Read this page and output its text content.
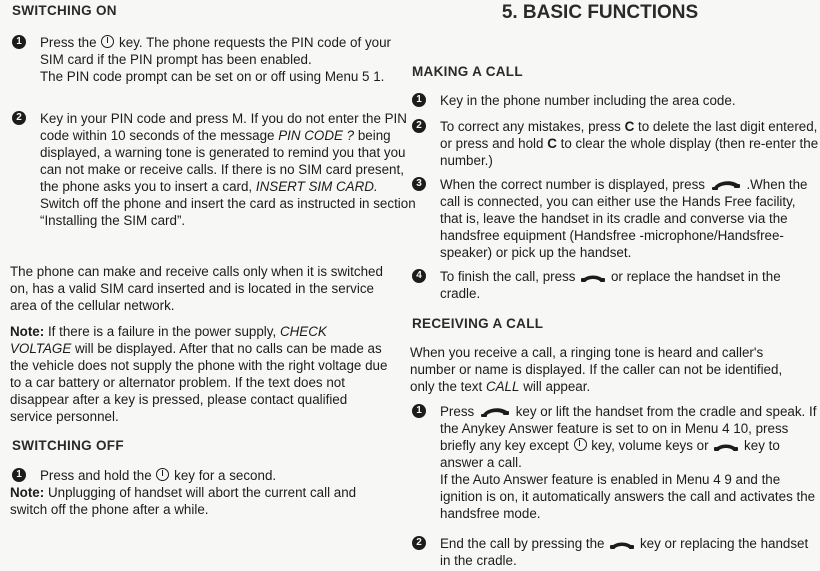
SWITCHING ON
1	Press the key. The phone requests the PIN code of your SIM card if the PIN prompt has been enabled.
The PIN code prompt can be set on or off using Menu 5 1.
2	Key in your PIN code and press M. If you do not enter the PIN code within 10 seconds of the message PIN CODE ? being displayed, a warning tone is generated to remind you that you can not make or receive calls. If there is no SIM card present, the phone asks you to insert a card, INSERT SIM CARD.
Switch off the phone and insert the card as instructed in section “Installing the SIM card”.
The phone can make and receive calls only when it is switched on, has a valid SIM card inserted and is located in the service area of the cellular network.
Note: If there is a failure in the power supply, CHECK VOLTAGE will be displayed. After that no calls can be made as the vehicle does not supply the phone with the right voltage due to a car battery or alternator problem. If the text does not disappear after a key is pressed, please contact qualified service personnel.
SWITCHING OFF
1	Press and hold the key for a second.
Note: Unplugging of handset will abort the current call and switch off the phone after a while.
5. BASIC FUNCTIONS
MAKING A CALL
1	Key in the phone number including the area code.
2	To correct any mistakes, press C to delete the last digit entered, or press and hold C to clear the whole display (then re-enter the number.)
3	When the correct number is displayed, press	.When the call is connected, you can either use the Hands Free facility, that is, leave the handset in its cradle and converse via the handsfree equipment (Handsfree -microphone/Handsfree-speaker) or pick up the handset.
4	To finish the call, press	or replace the handset in the cradle.
RECEIVING A CALL
When you receive a call, a ringing tone is heard and caller's number or name is displayed. If the caller can not be identified, only the text CALL will appear.
1	Press	key or lift the handset from the cradle and speak. If the Anykey Answer feature is set to on in Menu 4 10, press briefly any key except key, volume keys or	key to answer a call.
If the Auto Answer feature is enabled in Menu 4 9 and the ignition is on, it automatically answers the call and activates the handsfree mode.
2	End the call by pressing the	key or replacing the handset in the cradle.
